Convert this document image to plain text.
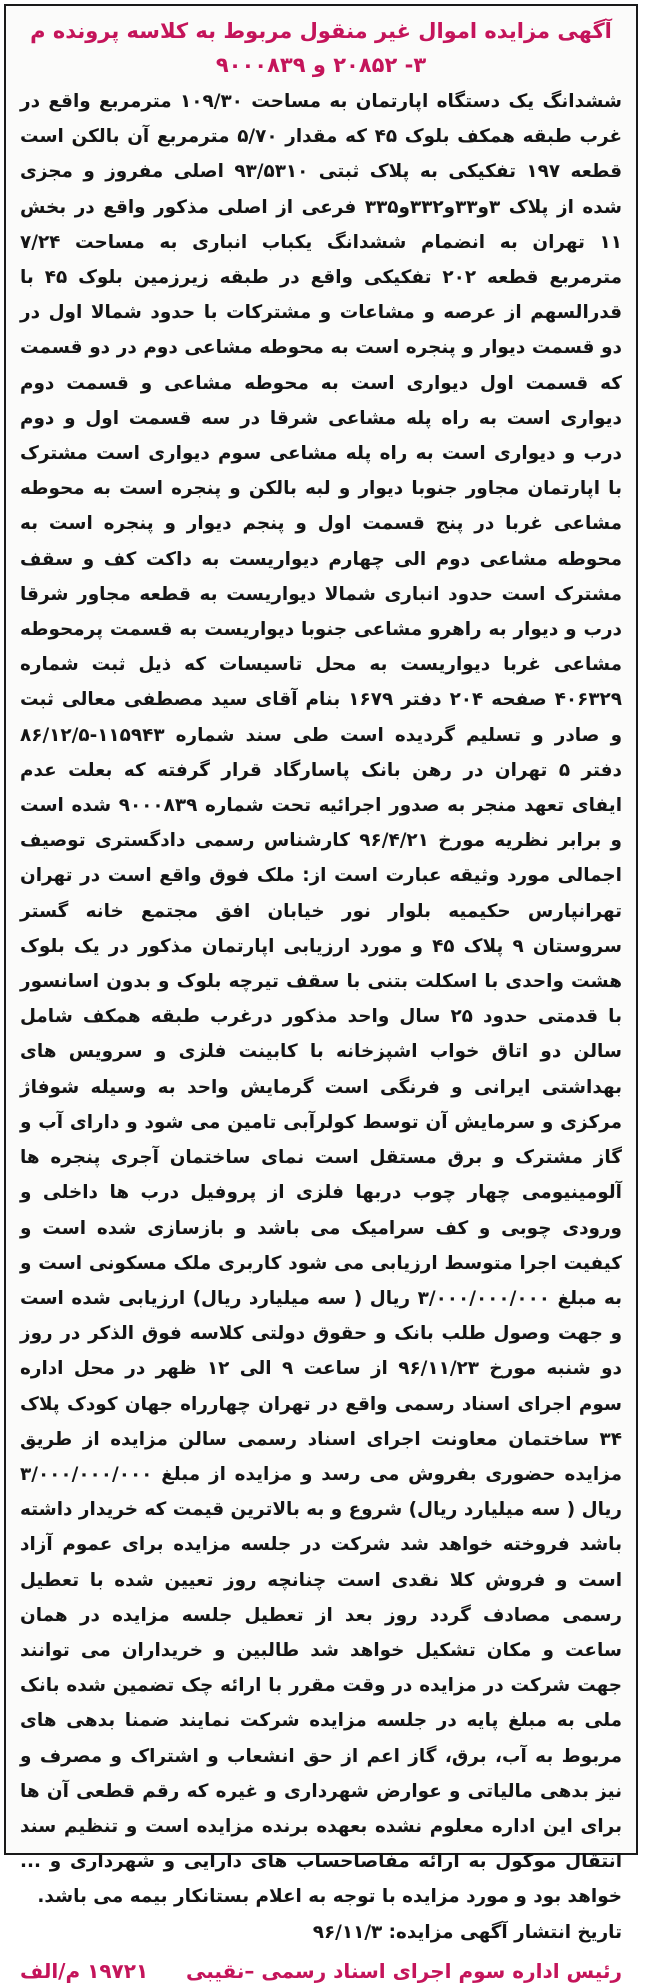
آگهی مزایده اموال غیر منقول مربوط به کلاسه پرونده م ۳- ۲۰۸۵۲ و ۹۰۰۰۸۳۹

ششدانگ یک دستگاه اپارتمان به مساحت ۱۰۹/۳۰ مترمربع واقع در غرب طبقه همکف بلوک ۴۵ که مقدار ۵/۷۰ مترمربع آن بالکن است قطعه ۱۹۷ تفکیکی به پلاک ثبتی ۹۳/۵۳۱۰ اصلی مفروز و مجزی شده از پلاک ۳و۳۳و۳۳۲و۳۳۵ فرعی از اصلی مذکور واقع در بخش ۱۱ تهران به انضمام ششدانگ یکباب انباری به مساحت ۷/۲۴ مترمربع قطعه ۲۰۲ تفکیکی واقع در طبقه زیرزمین بلوک ۴۵ با قدرالسهم از عرصه و مشاعات و مشترکات با حدود شمالا اول در دو قسمت دیوار و پنجره است به محوطه مشاعی دوم در دو قسمت که قسمت اول دیواری است به محوطه مشاعی و قسمت دوم دیواری است به راه پله مشاعی شرقا در سه قسمت اول و دوم درب و دیواری است به راه پله مشاعی سوم دیواری است مشترک با اپارتمان مجاور جنوبا دیوار و لبه بالکن و پنجره است به محوطه مشاعی غربا در پنج قسمت اول و پنجم دیوار و پنجره است به محوطه مشاعی دوم الی چهارم دیواریست به داکت کف و سقف مشترک است حدود انباری شمالا دیواریست به قطعه مجاور شرقا درب و دیوار به راهرو مشاعی جنوبا دیواریست به قسمت پرمحوطه مشاعی غربا دیواریست به محل تاسیسات که ذیل ثبت شماره ۴۰۶۳۲۹ صفحه ۲۰۴ دفتر ۱۶۷۹ بنام آقای سید مصطفی معالی ثبت و صادر و تسلیم گردیده است طی سند شماره ۱۱۵۹۴۳-۸۶/۱۲/۵ دفتر ۵ تهران در رهن بانک پاسارگاد قرار گرفته که بعلت عدم ایفای تعهد منجر به صدور اجرائیه تحت شماره ۹۰۰۰۸۳۹ شده است و برابر نظریه مورخ ۹۶/۴/۲۱ کارشناس رسمی دادگستری توصیف اجمالی مورد وثیقه عبارت است از: ملک فوق واقع است در تهران تهرانپارس حکیمیه بلوار نور خیابان افق مجتمع خانه گستر سروستان ۹ پلاک ۴۵ و مورد ارزیابی اپارتمان مذکور در یک بلوک هشت واحدی با اسکلت بتنی با سقف تیرچه بلوک و بدون اسانسور با قدمتی حدود ۲۵ سال واحد مذکور درغرب طبقه همکف شامل سالن دو اتاق خواب اشپزخانه با کابینت فلزی و سرویس های بهداشتی ایرانی و فرنگی است گرمایش واحد به وسیله شوفاژ مرکزی و سرمایش آن توسط کولرآبی تامین می شود و دارای آب و گاز مشترک و برق مستقل است نمای ساختمان آجری پنجره ها آلومینیومی چهار چوب دربها فلزی از پروفیل درب ها داخلی و ورودی چوبی و کف سرامیک می باشد و بازسازی شده است و کیفیت اجرا متوسط ارزیابی می شود کاربری ملک مسکونی است و به مبلغ ۳/۰۰۰/۰۰۰/۰۰۰ ریال ( سه میلیارد ریال) ارزیابی شده است و جهت وصول طلب بانک و حقوق دولتی کلاسه فوق الذکر در روز دو شنبه مورخ ۹۶/۱۱/۲۳ از ساعت ۹ الی ۱۲ ظهر در محل اداره سوم اجرای اسناد رسمی واقع در تهران چهارراه جهان کودک پلاک ۳۴ ساختمان معاونت اجرای اسناد رسمی سالن مزایده از طریق مزایده حضوری بفروش می رسد و مزایده از مبلغ ۳/۰۰۰/۰۰۰/۰۰۰ ریال ( سه میلیارد ریال) شروع و به بالاترین قیمت که خریدار داشته باشد فروخته خواهد شد شرکت در جلسه مزایده برای عموم آزاد است و فروش کلا نقدی است چنانچه روز تعیین شده با تعطیل رسمی مصادف گردد روز بعد از تعطیل جلسه مزایده در همان ساعت و مکان تشکیل خواهد شد طالبین و خریداران می توانند جهت شرکت در مزایده در وقت مقرر با ارائه چک تضمین شده بانک ملی به مبلغ پایه در جلسه مزایده شرکت نمایند ضمنا بدهی های مربوط به آب، برق، گاز اعم از حق انشعاب و اشتراک و مصرف و نیز بدهی مالیاتی و عوارض شهرداری و غیره که رقم قطعی آن ها برای این اداره معلوم نشده بعهده برنده مزایده است و تنظیم سند انتقال موکول به ارائه مفاصاحساب های دارایی و شهرداری و ... خواهد بود و مورد مزایده با توجه به اعلام بستانکار بیمه می باشد.

تاریخ انتشار آگهی مزایده: ۹۶/۱۱/۳

رئیس اداره سوم اجرای اسناد رسمی –نقیبی
۱۹۷۲۱ م/الف
